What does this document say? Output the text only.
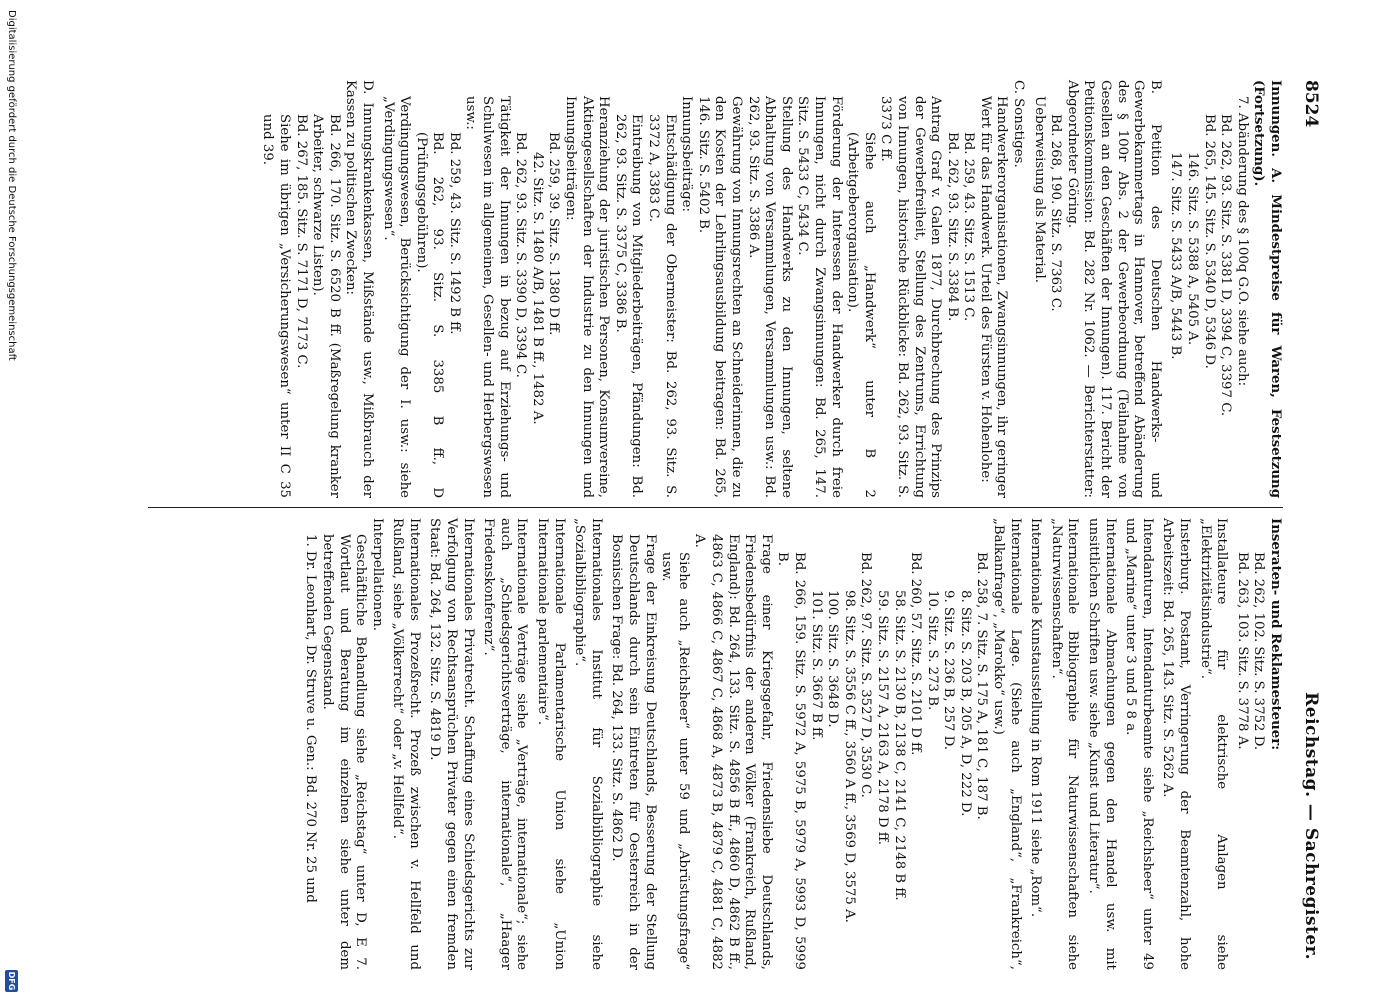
8524
Reichstag. — Sachregister.

Innungen. A. Mindestpreise für Waren, Festsetzung (Fortsetzung).

7. Abänderung des § 100q G.O. siehe auch:

Bd. 262, 93. Sitz. S. 3381 D, 3394 C, 3397 C.

Bd. 265, 145. Sitz. S. 5340 D, 5346 D.

146. Sitz. S. 5388 A, 5405 A.

147. Sitz. S. 5433 A/B, 5443 B.

B. Petition des Deutschen Handwerks- und Gewerbekammertags in Hannover, betreffend Abänderung des § 100r Abs. 2 der Gewerbeordnung (Teilnahme von Gesellen an den Geschäften der Innungen). 117. Bericht der Petitionskommission: Bd. 282 Nr. 1062. — Berichterstatter: Abgeordneter Göring.

Bd. 268, 190. Sitz. S. 7363 C.

Ueberweisung als Material.

C. Sonstiges.

Handwerkerorganisationen, Zwangsinnungen, ihr geringer Wert für das Handwerk. Urteil des Fürsten v. Hohenlohe:

Bd. 259, 43. Sitz. S. 1513 C.

Bd. 262, 93. Sitz. S. 3384 B.

Antrag Graf v. Galen 1877, Durchbrechung des Prinzips der Gewerbefreiheit, Stellung des Zentrums, Errichtung von Innungen, historische Rückblicke: Bd. 262, 93. Sitz. S. 3373 C ff.

Siehe auch „Handwerk“ unter B 2 (Arbeitgeberorganisation).

Förderung der Interessen der Handwerker durch freie Innungen, nicht durch Zwangsinnungen: Bd. 265, 147. Sitz. S. 5433 C, 5434 C.

Stellung des Handwerks zu den Innungen, seltene Abhaltung von Versammlungen, Versammlungen usw.: Bd. 262, 93. Sitz. S. 3386 A.

Gewährung von Innungsrechten an Schneiderinnen, die zu den Kosten der Lehrlingsausbildung beitragen: Bd. 265, 146. Sitz. S. 5402 B.

Innungsbeiträge:

Entschädigung der Obermeister: Bd. 262, 93. Sitz. S. 3372 A, 3383 C.

Eintreibung von Mitgliederbeiträgen, Pfändungen: Bd. 262, 93. Sitz. S. 3375 C, 3386 B.

Heranziehung der juristischen Personen, Konsumvereine, Aktiengesellschaften der Industrie zu den Innungen und Innungsbeiträgen:

Bd. 259, 39. Sitz. S. 1380 D ff.

42. Sitz. S. 1480 A/B, 1481 B ff., 1482 A.

Bd. 262, 93. Sitz. S. 3390 D, 3394 C.

Tätigkeit der Innungen in bezug auf Erziehungs- und Schulwesen im allgemeinen, Gesellen- und Herbergswesen usw.:

Bd. 259, 43. Sitz. S. 1492 B ff.

Bd. 262, 93. Sitz. S. 3385 B ff., D (Prüfungsgebühren).

Verdingungswesen, Berücksichtigung der I. usw.: siehe „Verdingungswesen“.

D. Innungskrankenkassen, Mißstände usw., Mißbrauch der Kassen zu politischen Zwecken:

Bd. 266, 170. Sitz. S. 6520 B ff. (Maßregelung kranker Arbeiter, schwarze Listen).

Bd. 267, 185. Sitz. S. 7171 D, 7173 C.

Siehe im übrigen „Versicherungswesen“ unter II C 35 und 39.

Inseraten- und Reklamesteuer:

Bd. 262, 102. Sitz. S. 3752 D.

Bd. 263, 103. Sitz. S. 3778 A.

Installateure für elektrische Anlagen siehe „Elektrizitätsindustrie“.

Insterburg. Postamt, Verringerung der Beamtenzahl, hohe Arbeitszeit: Bd. 265, 143. Sitz. S. 5262 A.

Intendanturen, Intendanturbeamte siehe „Reichsheer“ unter 49 und „Marine“ unter 3 und 5 8 a.

Internationale Abmachungen gegen den Handel usw. mit unsittlichen Schriften usw. siehe „Kunst und Literatur“.

Internationale Bibliographie für Naturwissenschaften siehe „Naturwissenschaften“.

Internationale Kunstausstellung in Rom 1911 siehe „Rom“.

Internationale Lage. (Siehe auch „England“, „Frankreich“, „Balkanfrage“, „Marokko“ usw.)

Bd. 258, 7. Sitz. S. 175 A, 181 C, 187 B.

8. Sitz. S. 203 B, 205 A, D, 222 D.

9. Sitz. S. 236 B, 257 D.

10. Sitz. S. 273 B.

Bd. 260, 57. Sitz. S. 2101 D ff.

58. Sitz. S. 2130 B, 2138 C, 2141 C, 2148 B ff.

59. Sitz. S. 2157 A, 2163 A, 2178 D ff.

Bd. 262, 97. Sitz. S. 3527 D, 3530 C.

98. Sitz. S. 3556 C ff., 3560 A ff., 3569 D, 3575 A.

100. Sitz. S. 3648 D.

101. Sitz. S. 3667 B ff.

Bd. 266, 159. Sitz. S. 5972 A, 5975 B, 5979 A, 5993 D, 5999 B.

Frage einer Kriegsgefahr, Friedensliebe Deutschlands, Friedensbedürfnis der anderen Völker (Frankreich, Rußland, England): Bd. 264, 133. Sitz. S. 4856 B ff., 4860 D, 4862 B ff., 4863 C, 4866 C, 4867 C, 4868 A, 4873 B, 4879 C, 4881 C, 4882 A.

Siehe auch „Reichsheer“ unter 59 und „Abrüstungsfrage“ usw.

Frage der Einkreisung Deutschlands, Besserung der Stellung Deutschlands durch sein Eintreten für Oesterreich in der Bosnischen Frage: Bd. 264, 133. Sitz. S. 4862 D.

Internationales Institut für Sozialbibliographie siehe „Sozialbibliographie“.

Internationale Parlamentarische Union siehe „Union Internationale parlementaire“.

Internationale Verträge siehe „Verträge, internationale“; siehe auch „Schiedsgerichtsverträge, internationale“, „Haager Friedenskonferenz“.

Internationales Privatrecht. Schaffung eines Schiedsgerichts zur Verfolgung von Rechtsansprüchen Privater gegen einen fremden Staat: Bd. 264, 132. Sitz. S. 4819 D.

Internationales Prozeßrecht. Prozeß zwischen v. Hellfeld und Rußland, siehe „Völkerrecht“ oder „v. Hellfeld“.

Interpellationen.

Geschäftliche Behandlung siehe „Reichstag“ unter D, E 7. Wortlaut und Beratung im einzelnen siehe unter dem betreffenden Gegenstand.

1. Dr. Leonhart, Dr. Struve u. Gen.: Bd. 270 Nr. 25 und

Digitalisierung gefördert durch die Deutsche Forschungsgemeinschaft
DFG
